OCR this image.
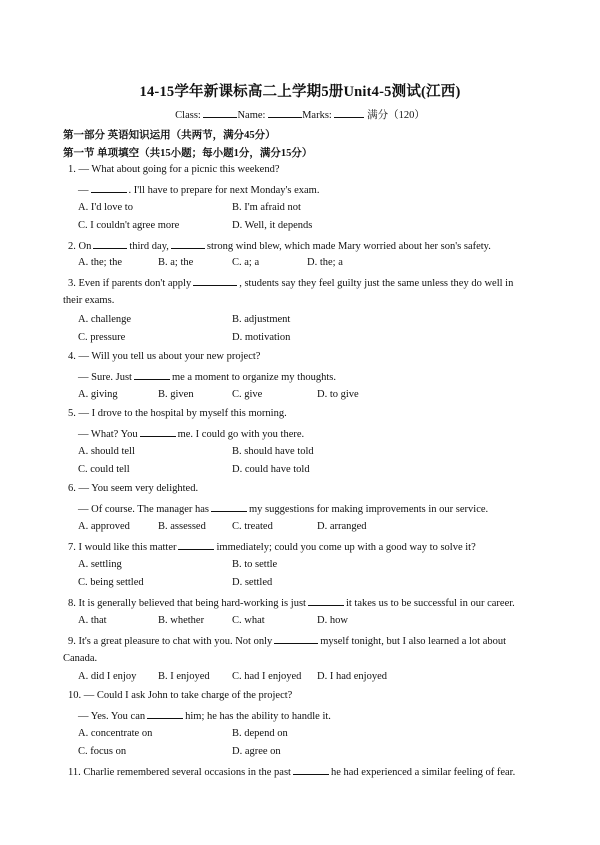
14-15学年新课标高二上学期5册Unit4-5测试(江西)
Class:	Name:	Marks:	满分（120）
第一部分 英语知识运用（共两节，满分45分）
第一节 单项填空（共15小题；每小题1分，满分15分）
1. — What about going for a picnic this weekend?
—	. I'll have to prepare for next Monday's exam.
A. I'd love to	B. I'm afraid not
C. I couldn't agree more	D. Well, it depends
2. On	third day,	strong wind blew, which made Mary worried about her son's safety.
A. the; the	B. a; the	C. a; a	D. the; a
3. Even if parents don't apply	, students say they feel guilty just the same unless they do well in
their exams.
A. challenge	B. adjustment
C. pressure	D. motivation
4. — Will you tell us about your new project?
— Sure. Just	me a moment to organize my thoughts.
A. giving	B. given	C. give	D. to give
5. — I drove to the hospital by myself this morning.
— What? You	me. I could go with you there.
A. should tell	B. should have told
C. could tell	D. could have told
6. — You seem very delighted.
— Of course. The manager has	my suggestions for making improvements in our service.
A. approved	B. assessed C. treated	D. arranged
7. I would like this matter	immediately; could you come up with a good way to solve it?
A. settling	B. to settle
C. being settled	D. settled
8. It is generally believed that being hard-working is just	it takes us to be successful in our career.
A. that	B. whether	C. what	D. how
9. It's a great pleasure to chat with you. Not only	myself tonight, but I also learned a lot about
Canada.
A. did I enjoy B. I enjoyed C. had I enjoyed D. I had enjoyed
10. — Could I ask John to take charge of the project?
— Yes. You can	him; he has the ability to handle it.
A. concentrate on	B. depend on
C. focus on	D. agree on
11. Charlie remembered several occasions in the past	he had experienced a similar feeling of fear.
